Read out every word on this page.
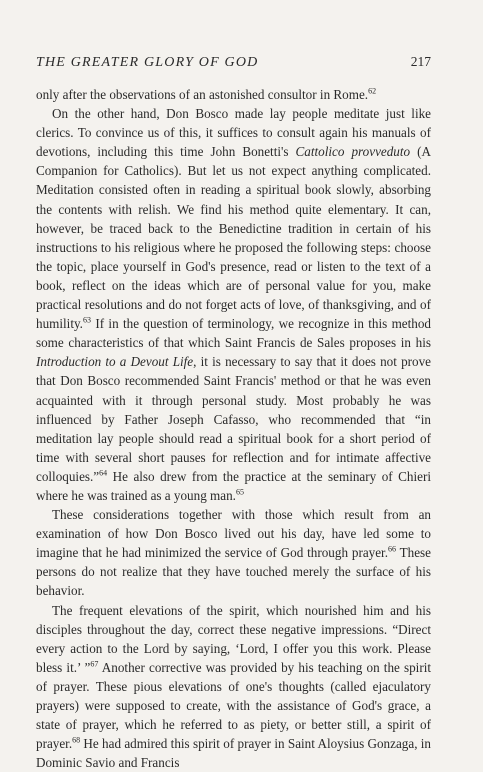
THE GREATER GLORY OF GOD	217

only after the observations of an astonished consultor in Rome.$^{62}$

On the other hand, Don Bosco made lay people meditate just like clerics. To convince us of this, it suffices to consult again his manuals of devotions, including this time John Bonetti's Cattolico provveduto (A Companion for Catholics). But let us not expect anything complicated. Meditation consisted often in reading a spiritual book slowly, absorbing the contents with relish. We find his method quite elementary. It can, however, be traced back to the Benedictine tradition in certain of his instructions to his religious where he proposed the following steps: choose the topic, place yourself in God's presence, read or listen to the text of a book, reflect on the ideas which are of personal value for you, make practical resolutions and do not forget acts of love, of thanksgiving, and of humility.$^{63}$ If in the question of terminology, we recognize in this method some characteristics of that which Saint Francis de Sales proposes in his Introduction to a Devout Life, it is necessary to say that it does not prove that Don Bosco recommended Saint Francis' method or that he was even acquainted with it through personal study. Most probably he was influenced by Father Joseph Cafasso, who recommended that “in meditation lay people should read a spiritual book for a short period of time with several short pauses for reflection and for intimate affective colloquies.”$^{64}$ He also drew from the practice at the seminary of Chieri where he was trained as a young man.$^{65}$

These considerations together with those which result from an examination of how Don Bosco lived out his day, have led some to imagine that he had minimized the service of God through prayer.$^{66}$ These persons do not realize that they have touched merely the surface of his behavior.

The frequent elevations of the spirit, which nourished him and his disciples throughout the day, correct these negative impressions. “Direct every action to the Lord by saying, ‘Lord, I offer you this work. Please bless it.’ ”$^{67}$ Another corrective was provided by his teaching on the spirit of prayer. These pious elevations of one's thoughts (called ejaculatory prayers) were supposed to create, with the assistance of God's grace, a state of prayer, which he referred to as piety, or better still, a spirit of prayer.$^{68}$ He had admired this spirit of prayer in Saint Aloysius Gonzaga, in Dominic Savio and Francis
